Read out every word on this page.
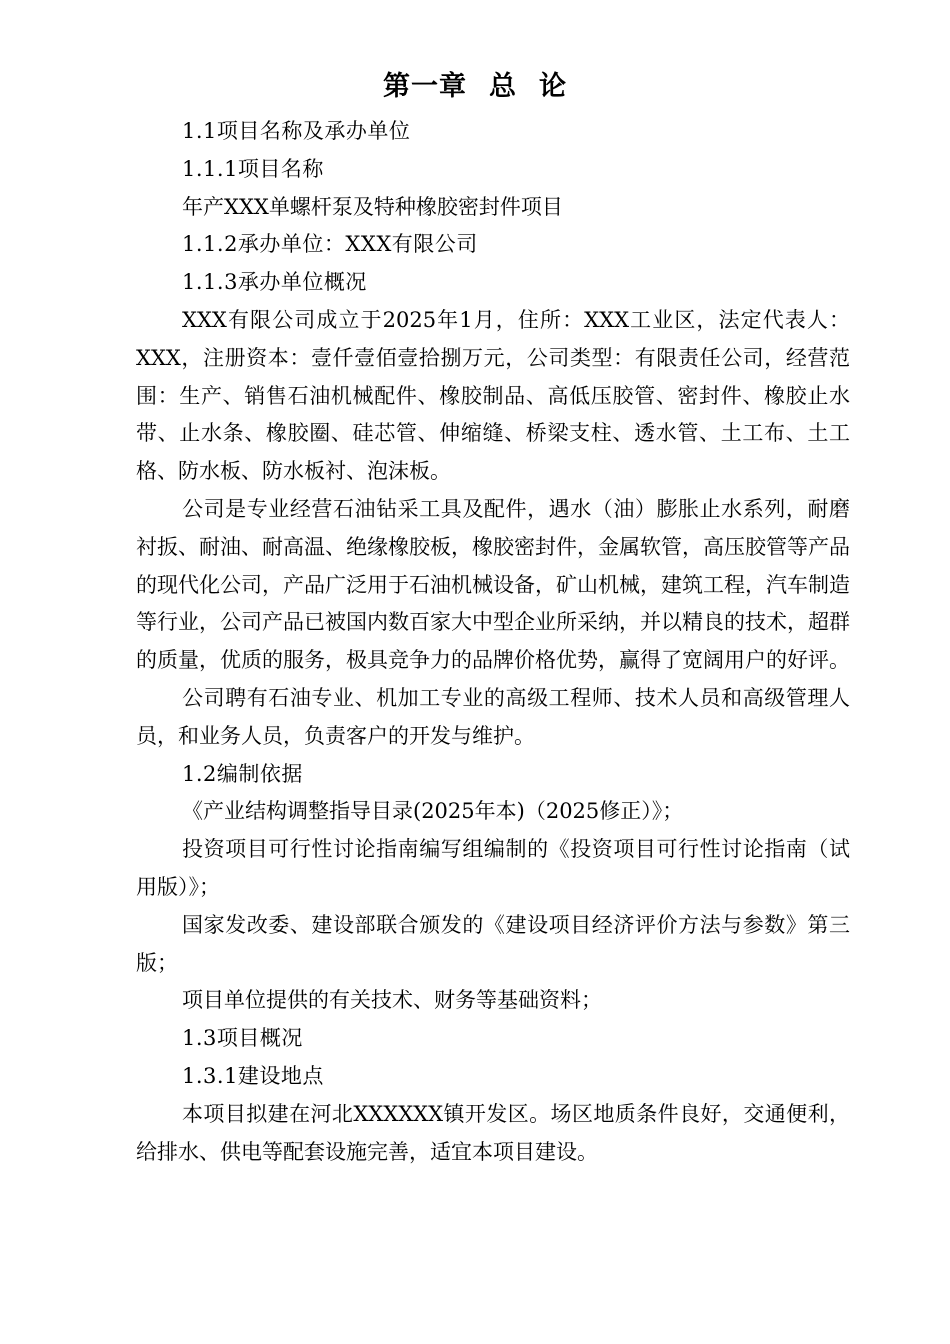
第一章 总 论

1.1项目名称及承办单位

1.1.1项目名称

年产XXX单螺杆泵及特种橡胶密封件项目

1.1.2承办单位：XXX有限公司

1.1.3承办单位概况

XXX有限公司成立于2025年1月，住所：XXX工业区，法定代表人：XXX，注册资本：壹仟壹佰壹拾捌万元，公司类型：有限责任公司，经营范围：生产、销售石油机械配件、橡胶制品、高低压胶管、密封件、橡胶止水带、止水条、橡胶圈、硅芯管、伸缩缝、桥梁支柱、透水管、土工布、土工格、防水板、防水板衬、泡沫板。

公司是专业经营石油钻采工具及配件，遇水（油）膨胀止水系列，耐磨衬扳、耐油、耐高温、绝缘橡胶板，橡胶密封件，金属软管，高压胶管等产品的现代化公司，产品广泛用于石油机械设备，矿山机械，建筑工程，汽车制造等行业，公司产品已被国内数百家大中型企业所采纳，并以精良的技术，超群的质量，优质的服务，极具竞争力的品牌价格优势，赢得了宽阔用户的好评。

公司聘有石油专业、机加工专业的高级工程师、技术人员和高级管理人员，和业务人员，负责客户的开发与维护。

1.2编制依据

《产业结构调整指导目录(2025年本)（2025修正）》；

投资项目可行性讨论指南编写组编制的《投资项目可行性讨论指南（试用版）》；

国家发改委、建设部联合颁发的《建设项目经济评价方法与参数》第三版；

项目单位提供的有关技术、财务等基础资料；

1.3项目概况

1.3.1建设地点

本项目拟建在河北XXXXXX镇开发区。场区地质条件良好，交通便利，给排水、供电等配套设施完善，适宜本项目建设。
